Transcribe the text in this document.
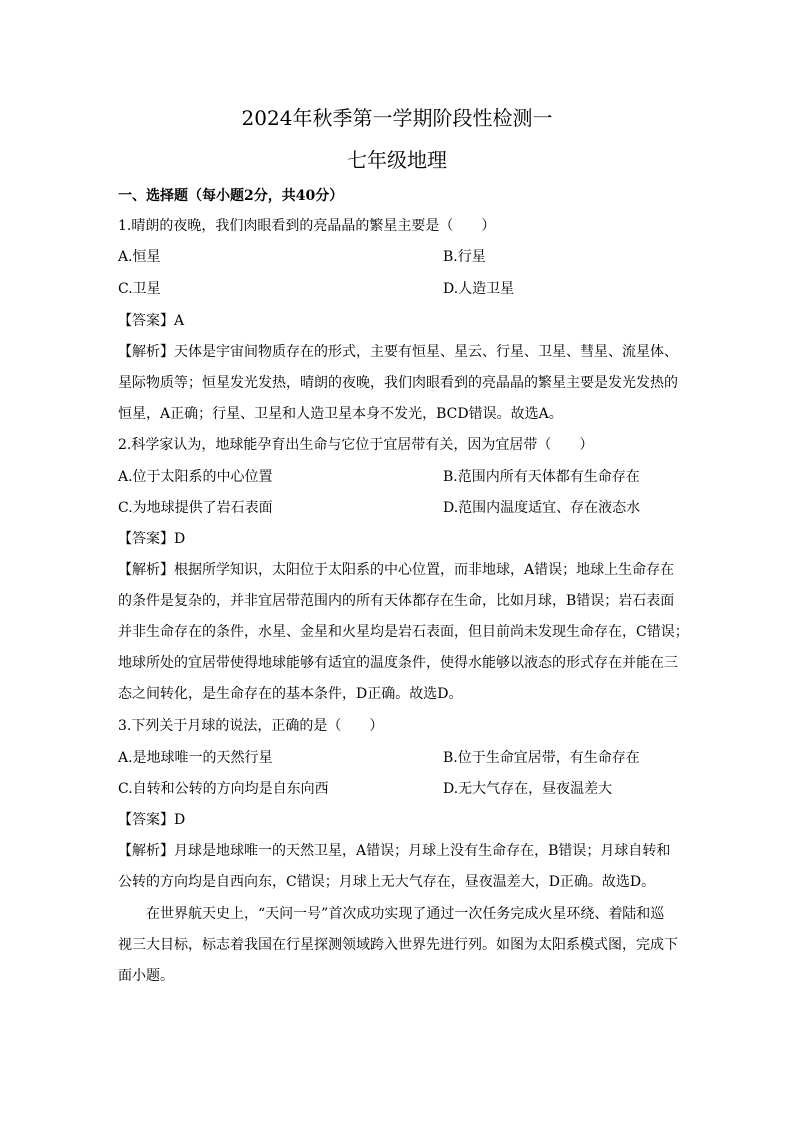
2024年秋季第一学期阶段性检测一
七年级地理

一、选择题（每小题2分，共40分）

1.晴朗的夜晚，我们肉眼看到的亮晶晶的繁星主要是（　　）

A.恒星	B.行星
C.卫星	D.人造卫星

【答案】A

【解析】天体是宇宙间物质存在的形式，主要有恒星、星云、行星、卫星、彗星、流星体、

星际物质等；恒星发光发热，晴朗的夜晚，我们肉眼看到的亮晶晶的繁星主要是发光发热的

恒星，A正确；行星、卫星和人造卫星本身不发光，BCD错误。故选A。

2.科学家认为，地球能孕育出生命与它位于宜居带有关，因为宜居带（　　）

A.位于太阳系的中心位置	B.范围内所有天体都有生命存在
C.为地球提供了岩石表面	D.范围内温度适宜、存在液态水

【答案】D

【解析】根据所学知识，太阳位于太阳系的中心位置，而非地球，A错误；地球上生命存在

的条件是复杂的，并非宜居带范围内的所有天体都存在生命，比如月球，B错误；岩石表面

并非生命存在的条件，水星、金星和火星均是岩石表面，但目前尚未发现生命存在，C错误；

地球所处的宜居带使得地球能够有适宜的温度条件，使得水能够以液态的形式存在并能在三

态之间转化，是生命存在的基本条件，D正确。故选D。

3.下列关于月球的说法，正确的是（　　）

A.是地球唯一的天然行星	B.位于生命宜居带，有生命存在
C.自转和公转的方向均是自东向西	D.无大气存在，昼夜温差大

【答案】D

【解析】月球是地球唯一的天然卫星，A错误；月球上没有生命存在，B错误；月球自转和

公转的方向均是自西向东，C错误；月球上无大气存在，昼夜温差大，D正确。故选D。

在世界航天史上，“天问一号”首次成功实现了通过一次任务完成火星环绕、着陆和巡

视三大目标，标志着我国在行星探测领域跨入世界先进行列。如图为太阳系模式图，完成下

面小题。
